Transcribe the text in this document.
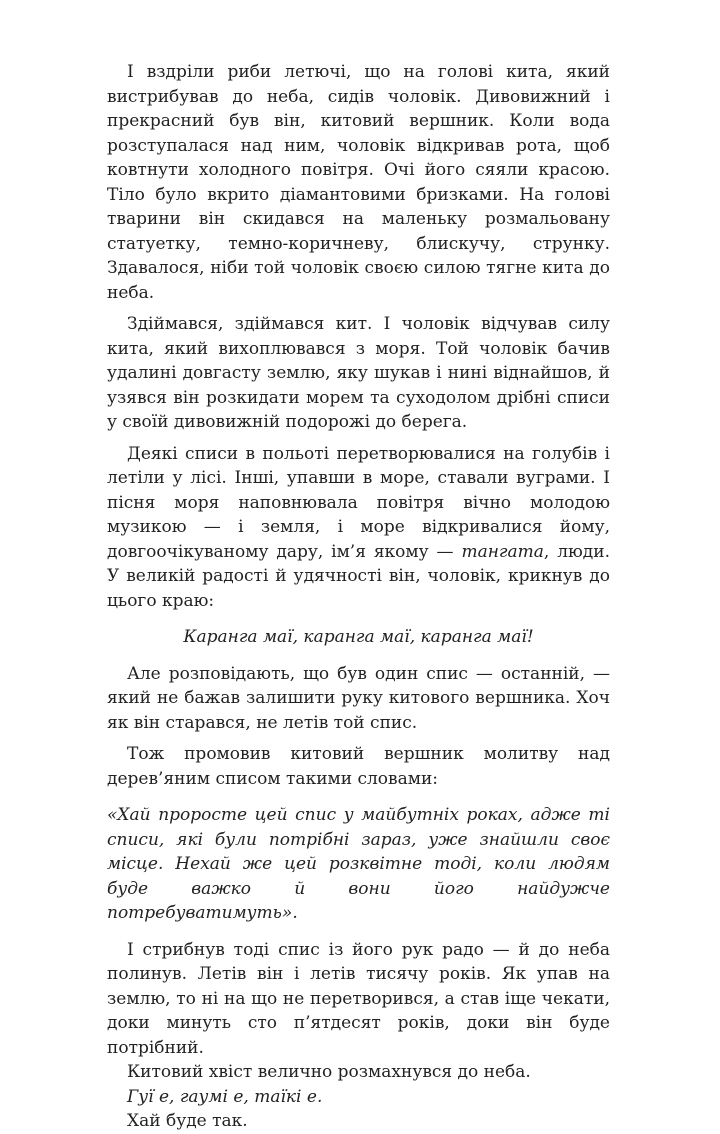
І вздріли риби летючі, що на голові кита, який вистрибував до неба, сидів чоловік. Дивовижний і прекрасний був він, китовий вершник. Коли вода розступалася над ним, чоловік відкривав рота, щоб ковтнути холодного повітря. Очі його сяяли красою. Тіло було вкрито діамантовими бризками. На голові тварини він скидався на маленьку розмальовану статуетку, темно-коричневу, блискучу, струнку. Здавалося, ніби той чоловік своєю силою тягне кита до неба.

Здіймався, здіймався кит. І чоловік відчував силу кита, який вихоплювався з моря. Той чоловік бачив удалині довгасту землю, яку шукав і нині віднайшов, й узявся він розкидати морем та суходолом дрібні списи у своїй дивовижній подорожі до берега.

Деякі списи в польоті перетворювалися на голубів і летіли у лісі. Інші, упавши в море, ставали вуграми. І пісня моря наповнювала повітря вічно молодою музикою — і земля, і море відкривалися йому, довгоочікуваному дару, ім’я якому — тангата, люди. У великій радості й удячності він, чоловік, крикнув до цього краю:

Каранга маї, каранга маї, каранга маї!

Але розповідають, що був один спис — останній, — який не бажав залишити руку китового вершника. Хоч як він старався, не летів той спис.

Тож промовив китовий вершник молитву над дерев’яним списом такими словами:

«Хай проросте цей спис у майбутніх роках, адже ті списи, які були потрібні зараз, уже знайшли своє місце. Нехай же цей розквітне тоді, коли людям буде важко й вони його найдужче потребуватимуть».

І стрибнув тоді спис із його рук радо — й до неба полинув. Летів він і летів тисячу років. Як упав на землю, то ні на що не перетворився, а став іще чекати, доки минуть сто п’ятдесят років, доки він буде потрібний.

Китовий хвіст велично розмахнувся до неба.

Гуї е, гаумі е, таїкі е.

Хай буде так.
